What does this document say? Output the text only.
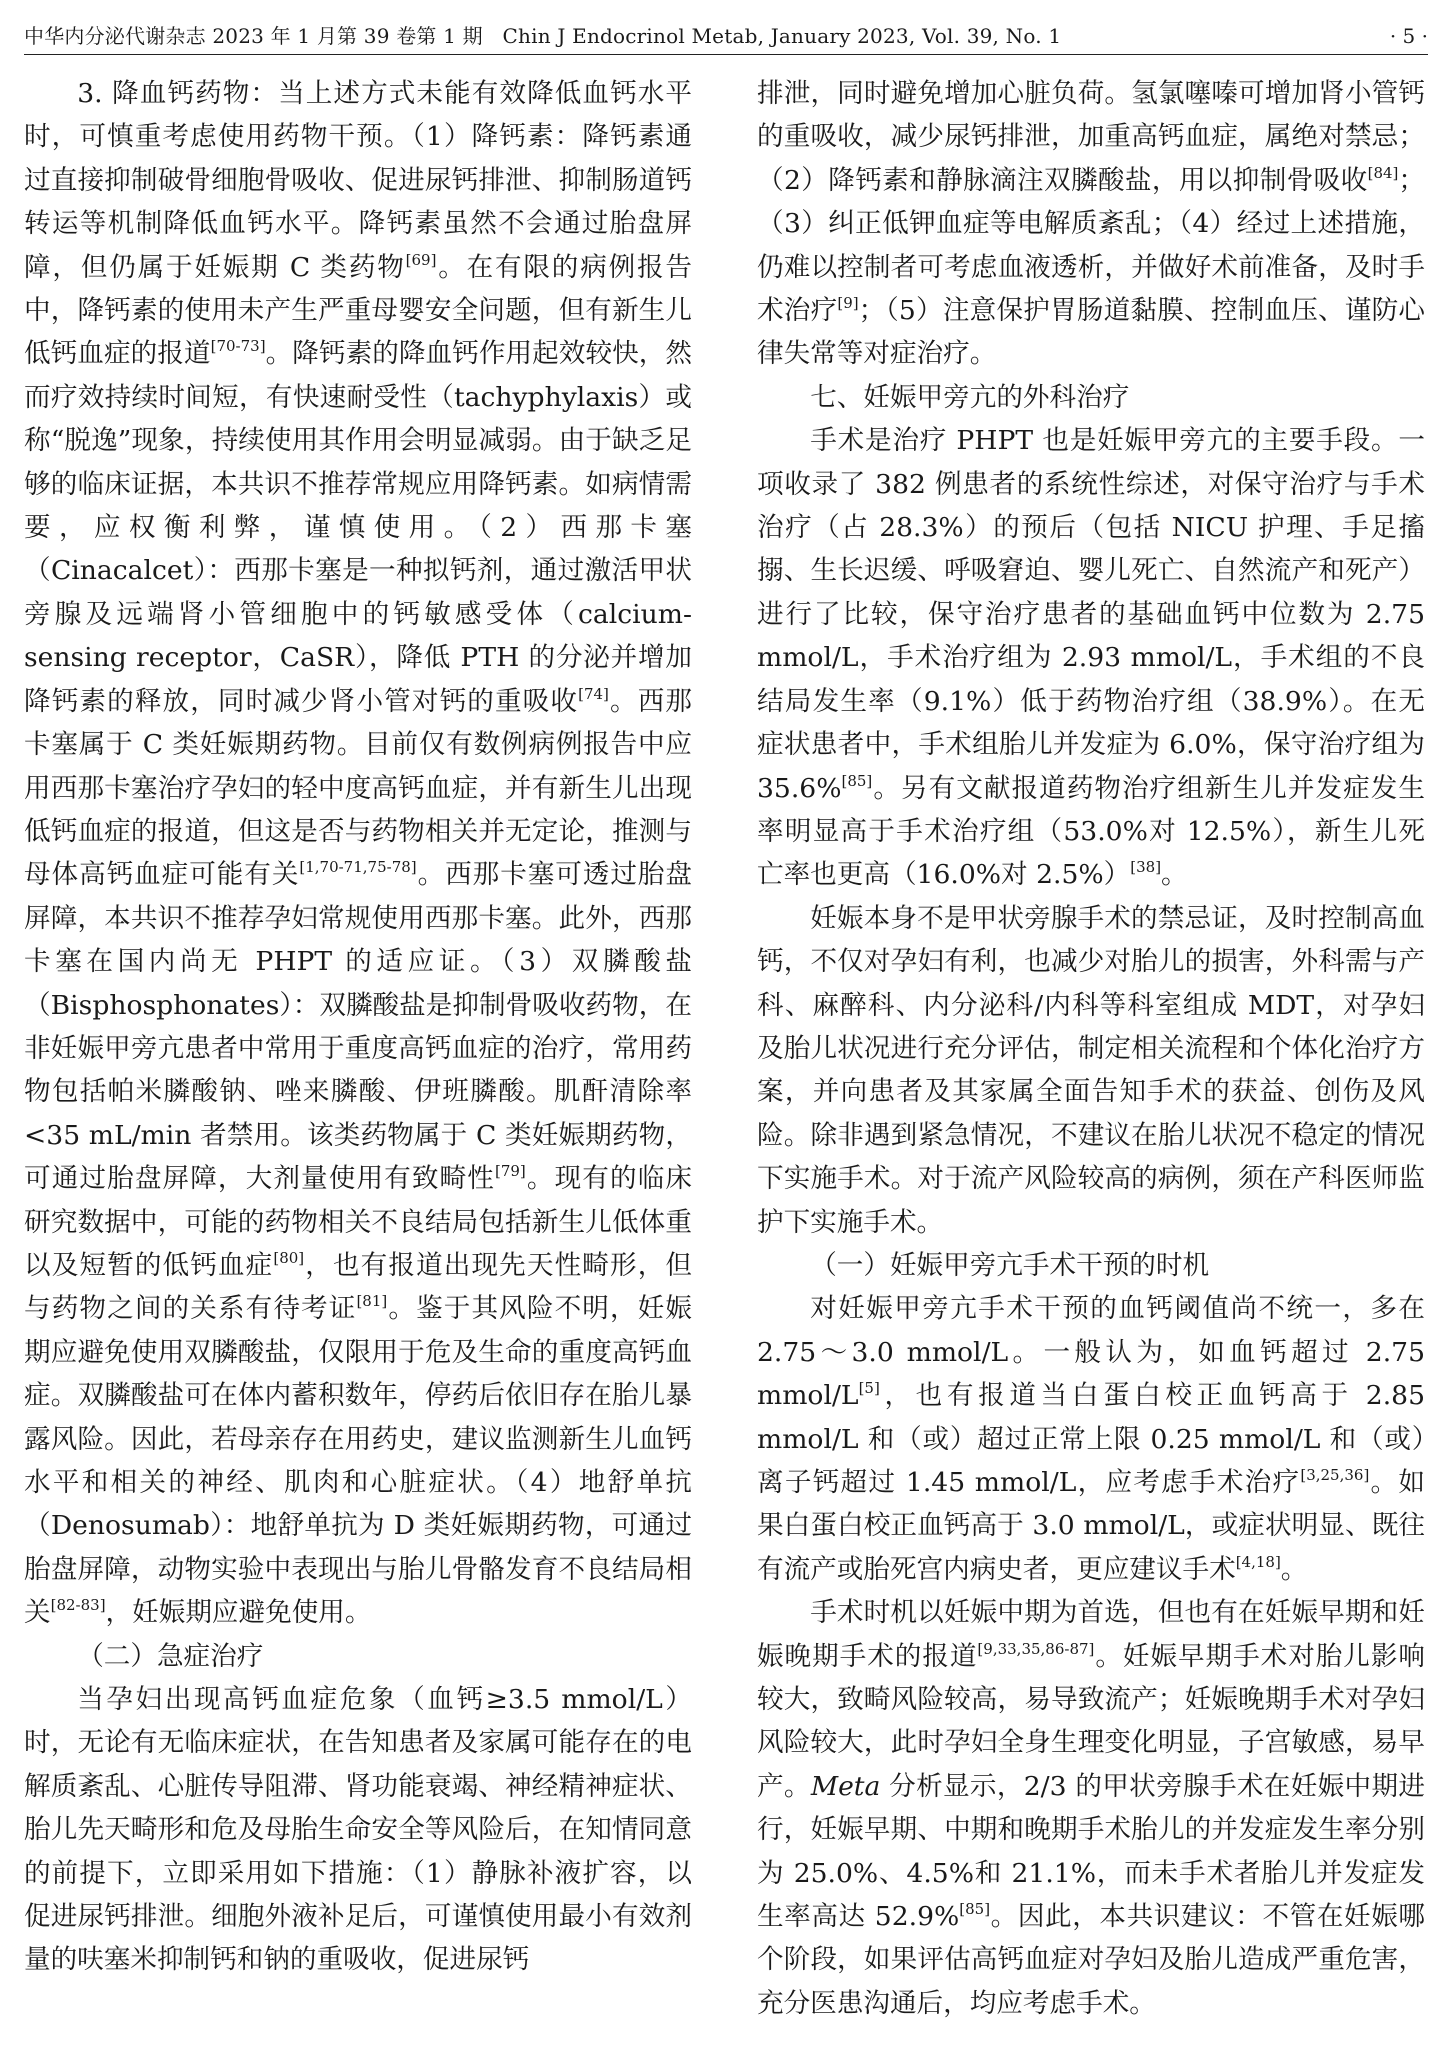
中华内分泌代谢杂志 2023 年 1 月第 39 卷第 1 期 Chin J Endocrinol Metab, January 2023, Vol. 39, No. 1	· 5 ·

3. 降血钙药物：当上述方式未能有效降低血钙水平时，可慎重考虑使用药物干预。（1）降钙素：降钙素通过直接抑制破骨细胞骨吸收、促进尿钙排泄、抑制肠道钙转运等机制降低血钙水平。降钙素虽然不会通过胎盘屏障，但仍属于妊娠期 C 类药物[69]。在有限的病例报告中，降钙素的使用未产生严重母婴安全问题，但有新生儿低钙血症的报道[70-73]。降钙素的降血钙作用起效较快，然而疗效持续时间短，有快速耐受性（tachyphylaxis）或称“脱逸”现象，持续使用其作用会明显减弱。由于缺乏足够的临床证据，本共识不推荐常规应用降钙素。如病情需要，应权衡利弊，谨慎使用。（2）西那卡塞（Cinacalcet）：西那卡塞是一种拟钙剂，通过激活甲状旁腺及远端肾小管细胞中的钙敏感受体（calcium-sensing receptor，CaSR），降低 PTH 的分泌并增加降钙素的释放，同时减少肾小管对钙的重吸收[74]。西那卡塞属于 C 类妊娠期药物。目前仅有数例病例报告中应用西那卡塞治疗孕妇的轻中度高钙血症，并有新生儿出现低钙血症的报道，但这是否与药物相关并无定论，推测与母体高钙血症可能有关[1,70-71,75-78]。西那卡塞可透过胎盘屏障，本共识不推荐孕妇常规使用西那卡塞。此外，西那卡塞在国内尚无 PHPT 的适应证。（3）双膦酸盐（Bisphosphonates）：双膦酸盐是抑制骨吸收药物，在非妊娠甲旁亢患者中常用于重度高钙血症的治疗，常用药物包括帕米膦酸钠、唑来膦酸、伊班膦酸。肌酐清除率<35 mL/min 者禁用。该类药物属于 C 类妊娠期药物，可通过胎盘屏障，大剂量使用有致畸性[79]。现有的临床研究数据中，可能的药物相关不良结局包括新生儿低体重以及短暂的低钙血症[80]，也有报道出现先天性畸形，但与药物之间的关系有待考证[81]。鉴于其风险不明，妊娠期应避免使用双膦酸盐，仅限用于危及生命的重度高钙血症。双膦酸盐可在体内蓄积数年，停药后依旧存在胎儿暴露风险。因此，若母亲存在用药史，建议监测新生儿血钙水平和相关的神经、肌肉和心脏症状。（4）地舒单抗（Denosumab）：地舒单抗为 D 类妊娠期药物，可通过胎盘屏障，动物实验中表现出与胎儿骨骼发育不良结局相关[82-83]，妊娠期应避免使用。

（二）急症治疗

当孕妇出现高钙血症危象（血钙≥3.5 mmol/L）时，无论有无临床症状，在告知患者及家属可能存在的电解质紊乱、心脏传导阻滞、肾功能衰竭、神经精神症状、胎儿先天畸形和危及母胎生命安全等风险后，在知情同意的前提下，立即采用如下措施：（1）静脉补液扩容，以促进尿钙排泄。细胞外液补足后，可谨慎使用最小有效剂量的呋塞米抑制钙和钠的重吸收，促进尿钙

排泄，同时避免增加心脏负荷。氢氯噻嗪可增加肾小管钙的重吸收，减少尿钙排泄，加重高钙血症，属绝对禁忌；（2）降钙素和静脉滴注双膦酸盐，用以抑制骨吸收[84]；（3）纠正低钾血症等电解质紊乱；（4）经过上述措施，仍难以控制者可考虑血液透析，并做好术前准备，及时手术治疗[9]；（5）注意保护胃肠道黏膜、控制血压、谨防心律失常等对症治疗。

七、妊娠甲旁亢的外科治疗

手术是治疗 PHPT 也是妊娠甲旁亢的主要手段。一项收录了 382 例患者的系统性综述，对保守治疗与手术治疗（占 28.3%）的预后（包括 NICU 护理、手足搐搦、生长迟缓、呼吸窘迫、婴儿死亡、自然流产和死产）进行了比较，保守治疗患者的基础血钙中位数为 2.75 mmol/L，手术治疗组为 2.93 mmol/L，手术组的不良结局发生率（9.1%）低于药物治疗组（38.9%）。在无症状患者中，手术组胎儿并发症为 6.0%，保守治疗组为 35.6%[85]。另有文献报道药物治疗组新生儿并发症发生率明显高于手术治疗组（53.0%对 12.5%），新生儿死亡率也更高（16.0%对 2.5%）[38]。

妊娠本身不是甲状旁腺手术的禁忌证，及时控制高血钙，不仅对孕妇有利，也减少对胎儿的损害，外科需与产科、麻醉科、内分泌科/内科等科室组成 MDT，对孕妇及胎儿状况进行充分评估，制定相关流程和个体化治疗方案，并向患者及其家属全面告知手术的获益、创伤及风险。除非遇到紧急情况，不建议在胎儿状况不稳定的情况下实施手术。对于流产风险较高的病例，须在产科医师监护下实施手术。

（一）妊娠甲旁亢手术干预的时机

对妊娠甲旁亢手术干预的血钙阈值尚不统一，多在 2.75～3.0 mmol/L。一般认为，如血钙超过 2.75 mmol/L[5]，也有报道当白蛋白校正血钙高于 2.85 mmol/L 和（或）超过正常上限 0.25 mmol/L 和（或）离子钙超过 1.45 mmol/L，应考虑手术治疗[3,25,36]。如果白蛋白校正血钙高于 3.0 mmol/L，或症状明显、既往有流产或胎死宫内病史者，更应建议手术[4,18]。

手术时机以妊娠中期为首选，但也有在妊娠早期和妊娠晚期手术的报道[9,33,35,86-87]。妊娠早期手术对胎儿影响较大，致畸风险较高，易导致流产；妊娠晚期手术对孕妇风险较大，此时孕妇全身生理变化明显，子宫敏感，易早产。Meta 分析显示，2/3 的甲状旁腺手术在妊娠中期进行，妊娠早期、中期和晚期手术胎儿的并发症发生率分别为 25.0%、4.5%和 21.1%，而未手术者胎儿并发症发生率高达 52.9%[85]。因此，本共识建议：不管在妊娠哪个阶段，如果评估高钙血症对孕妇及胎儿造成严重危害，充分医患沟通后，均应考虑手术。
